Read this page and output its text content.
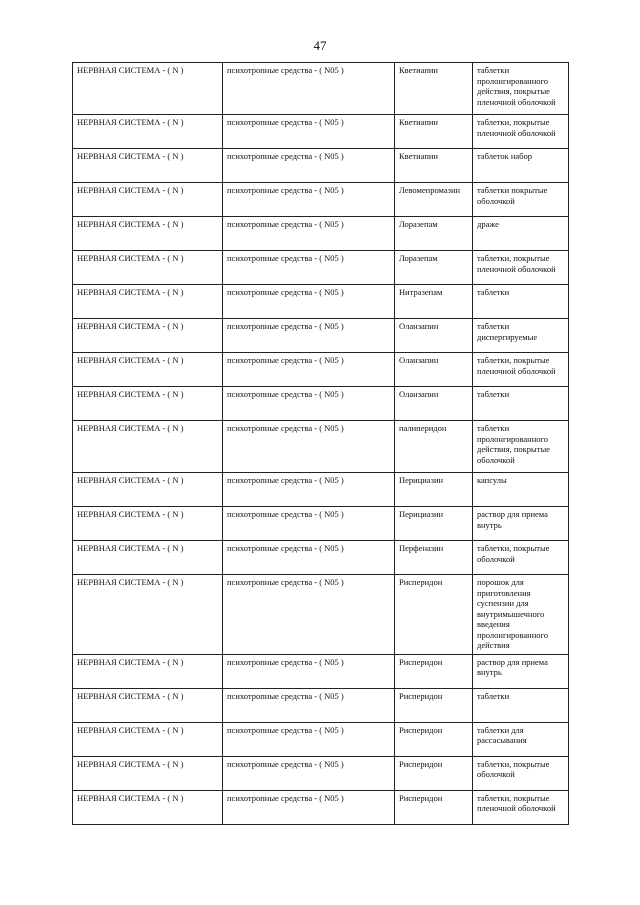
47
НЕРВНАЯ СИСТЕМА - ( N )	психотропные средства - ( N05 )	Кветиапин	таблетки пролонгированного действия, покрытые пленочной оболочкой
НЕРВНАЯ СИСТЕМА - ( N )	психотропные средства - ( N05 )	Кветиапин	таблетки, покрытые пленочной оболочкой
НЕРВНАЯ СИСТЕМА - ( N )	психотропные средства - ( N05 )	Кветиапин	таблеток набор
НЕРВНАЯ СИСТЕМА - ( N )	психотропные средства - ( N05 )	Левомепромазин	таблетки покрытые оболочкой
НЕРВНАЯ СИСТЕМА - ( N )	психотропные средства - ( N05 )	Лоразепам	драже
НЕРВНАЯ СИСТЕМА - ( N )	психотропные средства - ( N05 )	Лоразепам	таблетки, покрытые пленочной оболочкой
НЕРВНАЯ СИСТЕМА - ( N )	психотропные средства - ( N05 )	Нитразепам	таблетки
НЕРВНАЯ СИСТЕМА - ( N )	психотропные средства - ( N05 )	Оланзапин	таблетки диспергируемые
НЕРВНАЯ СИСТЕМА - ( N )	психотропные средства - ( N05 )	Оланзапин	таблетки, покрытые пленочной оболочкой
НЕРВНАЯ СИСТЕМА - ( N )	психотропные средства - ( N05 )	Оланзапин	таблетки
НЕРВНАЯ СИСТЕМА - ( N )	психотропные средства - ( N05 )	палиперидон	таблетки пролонгированного действия, покрытые оболочкой
НЕРВНАЯ СИСТЕМА - ( N )	психотропные средства - ( N05 )	Перициазин	капсулы
НЕРВНАЯ СИСТЕМА - ( N )	психотропные средства - ( N05 )	Перициазин	раствор для приема внутрь
НЕРВНАЯ СИСТЕМА - ( N )	психотропные средства - ( N05 )	Перфеназин	таблетки, покрытые оболочкой
НЕРВНАЯ СИСТЕМА - ( N )	психотропные средства - ( N05 )	Рисперидон	порошок для приготовления суспензии для внутримышечного введения пролонгированного действия
НЕРВНАЯ СИСТЕМА - ( N )	психотропные средства - ( N05 )	Рисперидон	раствор для приема внутрь
НЕРВНАЯ СИСТЕМА - ( N )	психотропные средства - ( N05 )	Рисперидон	таблетки
НЕРВНАЯ СИСТЕМА - ( N )	психотропные средства - ( N05 )	Рисперидон	таблетки для рассасывания
НЕРВНАЯ СИСТЕМА - ( N )	психотропные средства - ( N05 )	Рисперидон	таблетки, покрытые оболочкой
НЕРВНАЯ СИСТЕМА - ( N )	психотропные средства - ( N05 )	Рисперидон	таблетки, покрытые пленочной оболочкой
